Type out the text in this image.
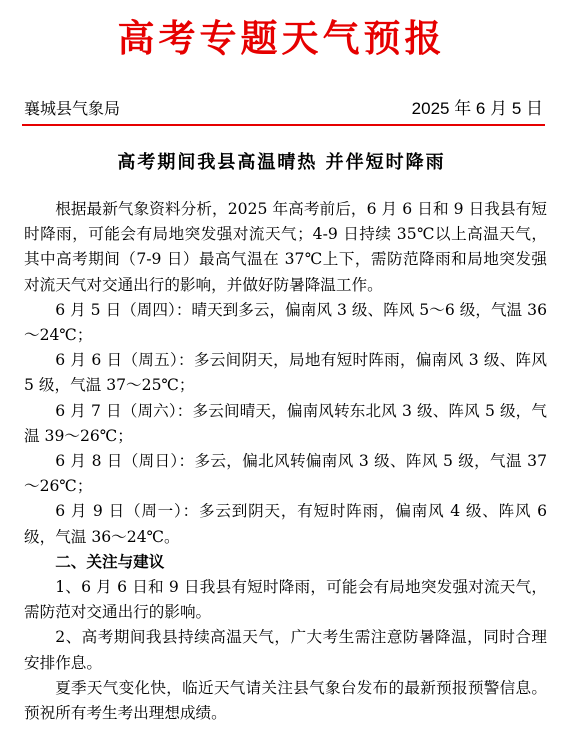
高考专题天气预报
襄城县气象局	2025 年 6 月 5 日
高考期间我县高温晴热 并伴短时降雨

根据最新气象资料分析，2025 年高考前后，6 月 6 日和 9 日我县有短时降雨，可能会有局地突发强对流天气；4-9 日持续 35℃以上高温天气，其中高考期间（7-9 日）最高气温在 37℃上下，需防范降雨和局地突发强对流天气对交通出行的影响，并做好防暑降温工作。

6 月 5 日（周四）：晴天到多云，偏南风 3 级、阵风 5～6 级，气温 36～24℃；

6 月 6 日（周五）：多云间阴天，局地有短时阵雨，偏南风 3 级、阵风 5 级，气温 37～25℃；

6 月 7 日（周六）：多云间晴天，偏南风转东北风 3 级、阵风 5 级，气温 39～26℃；

6 月 8 日（周日）：多云，偏北风转偏南风 3 级、阵风 5 级，气温 37～26℃；

6 月 9 日（周一）：多云到阴天，有短时阵雨，偏南风 4 级、阵风 6 级，气温 36～24℃。

二、关注与建议

1、6 月 6 日和 9 日我县有短时降雨，可能会有局地突发强对流天气，需防范对交通出行的影响。

2、高考期间我县持续高温天气，广大考生需注意防暑降温，同时合理安排作息。

夏季天气变化快，临近天气请关注县气象台发布的最新预报预警信息。预祝所有考生考出理想成绩。
